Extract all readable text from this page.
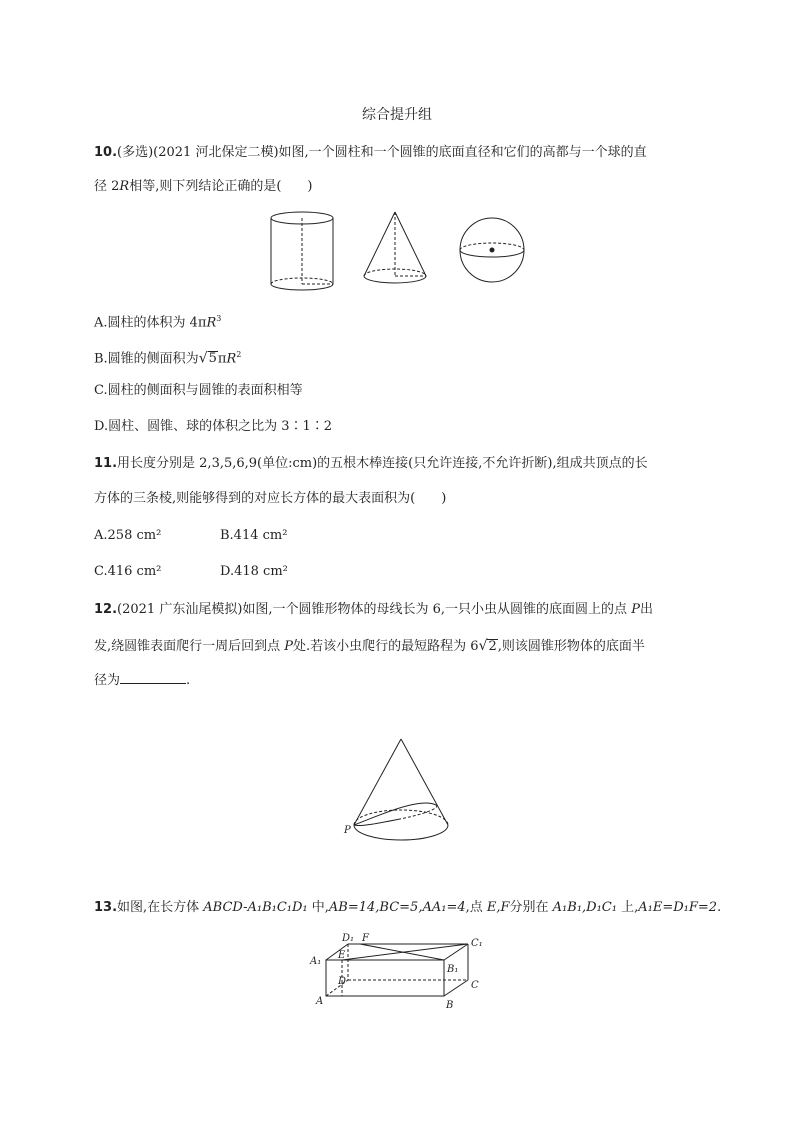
综合提升组
10.(多选)(2021 河北保定二模)如图,一个圆柱和一个圆锥的底面直径和它们的高都与一个球的直
径 2R相等,则下列结论正确的是(　　)
A.圆柱的体积为 $4\pi R^3$
B.圆锥的侧面积为$√5\pi R^2$
C.圆柱的侧面积与圆锥的表面积相等
D.圆柱、圆锥、球的体积之比为 3∶1∶2
11.用长度分别是 2,3,5,6,9(单位:cm)的五根木棒连接(只允许连接,不允许折断),组成共顶点的长
方体的三条棱,则能够得到的对应长方体的最大表面积为(　　)
A.258 cm²	B.414 cm²
C.416 cm²	D.418 cm²
12.(2021 广东汕尾模拟)如图,一个圆锥形物体的母线长为 6,一只小虫从圆锥的底面圆上的点 P出
发,绕圆锥表面爬行一周后回到点 P处.若该小虫爬行的最短路程为 6√2,则该圆锥形物体的底面半
径为	.
P
13.如图,在长方体 ABCD-A₁B₁C₁D₁ 中,AB=14,BC=5,AA₁=4,点 E,F分别在 A₁B₁,D₁C₁ 上,A₁E=D₁F=2.
D₁ F	C₁
A₁
E
B₁
D	C
A	B
